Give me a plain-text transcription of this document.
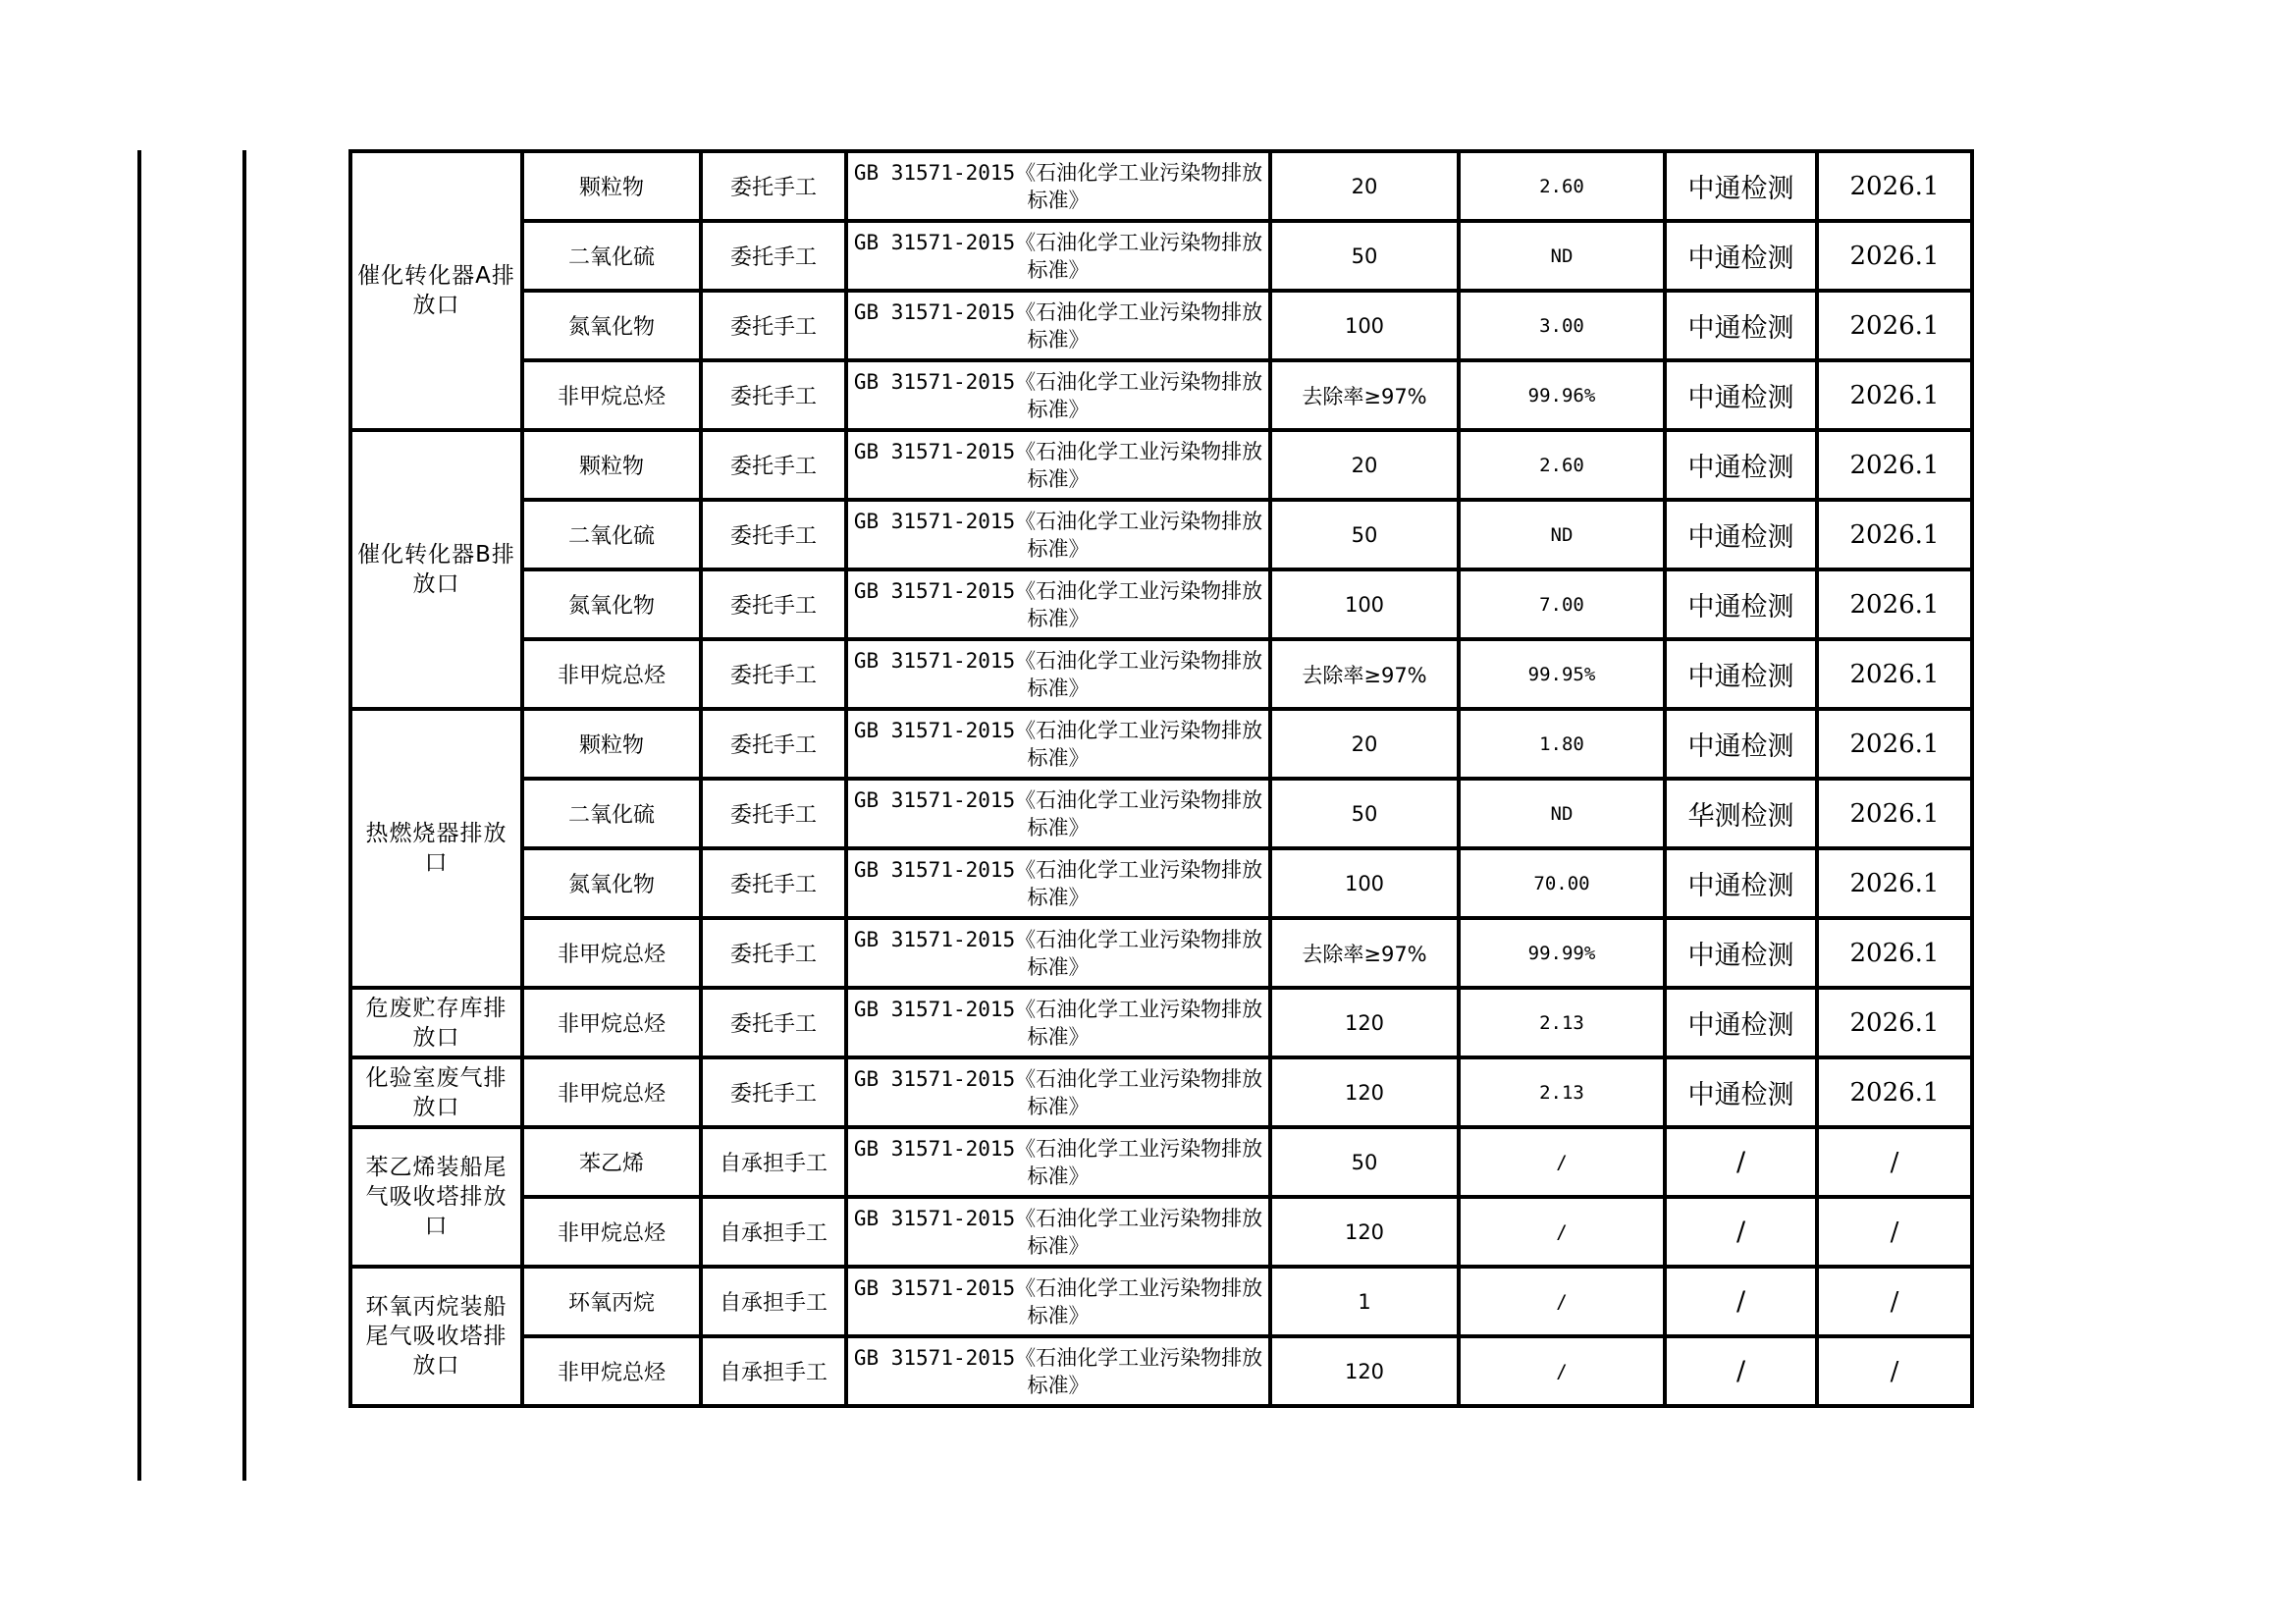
催化转化器A排放口	颗粒物	委托手工	GB 31571-2015《石油化学工业污染物排放标准》	20	2.60	中通检测	2026.1
	二氧化硫	委托手工	GB 31571-2015《石油化学工业污染物排放标准》	50	ND	中通检测	2026.1
	氮氧化物	委托手工	GB 31571-2015《石油化学工业污染物排放标准》	100	3.00	中通检测	2026.1
	非甲烷总烃	委托手工	GB 31571-2015《石油化学工业污染物排放标准》	去除率≥97%	99.96%	中通检测	2026.1
催化转化器B排放口	颗粒物	委托手工	GB 31571-2015《石油化学工业污染物排放标准》	20	2.60	中通检测	2026.1
	二氧化硫	委托手工	GB 31571-2015《石油化学工业污染物排放标准》	50	ND	中通检测	2026.1
	氮氧化物	委托手工	GB 31571-2015《石油化学工业污染物排放标准》	100	7.00	中通检测	2026.1
	非甲烷总烃	委托手工	GB 31571-2015《石油化学工业污染物排放标准》	去除率≥97%	99.95%	中通检测	2026.1
热燃烧器排放口	颗粒物	委托手工	GB 31571-2015《石油化学工业污染物排放标准》	20	1.80	中通检测	2026.1
	二氧化硫	委托手工	GB 31571-2015《石油化学工业污染物排放标准》	50	ND	华测检测	2026.1
	氮氧化物	委托手工	GB 31571-2015《石油化学工业污染物排放标准》	100	70.00	中通检测	2026.1
	非甲烷总烃	委托手工	GB 31571-2015《石油化学工业污染物排放标准》	去除率≥97%	99.99%	中通检测	2026.1
危废贮存库排放口	非甲烷总烃	委托手工	GB 31571-2015《石油化学工业污染物排放标准》	120	2.13	中通检测	2026.1
化验室废气排放口	非甲烷总烃	委托手工	GB 31571-2015《石油化学工业污染物排放标准》	120	2.13	中通检测	2026.1
苯乙烯装船尾气吸收塔排放口	苯乙烯	自承担手工	GB 31571-2015《石油化学工业污染物排放标准》	50	/	/	/
	非甲烷总烃	自承担手工	GB 31571-2015《石油化学工业污染物排放标准》	120	/	/	/
环氧丙烷装船尾气吸收塔排放口	环氧丙烷	自承担手工	GB 31571-2015《石油化学工业污染物排放标准》	1	/	/	/
	非甲烷总烃	自承担手工	GB 31571-2015《石油化学工业污染物排放标准》	120	/	/	/
